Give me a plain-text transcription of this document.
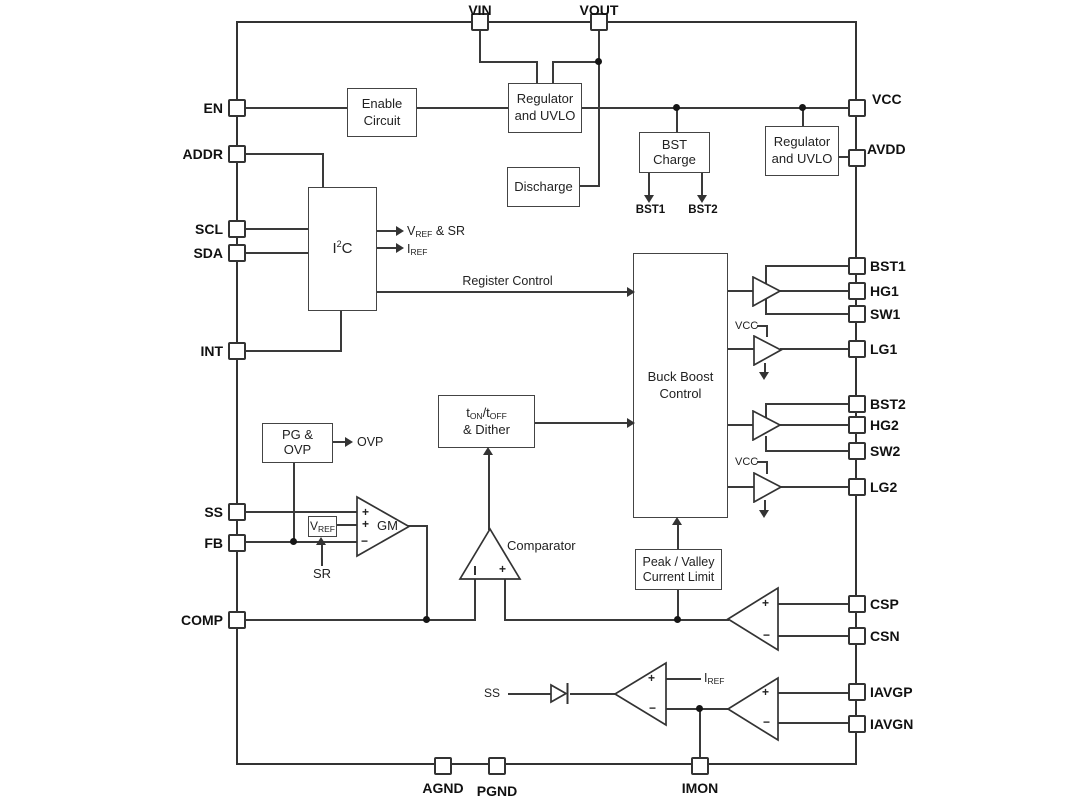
Enable
Circuit
Regulator
and UVLO
Discharge
BST
Charge
Regulator
and UVLO
$I^2C$
Buck Boost
Control
tON/tOFF
& Dither
PG &
OVP
VREF
Peak / Valley
Current Limit
+
+
−
GM
+
+
−
+
−
+
−
VREF & SR
IREF
Register Control
BST1 BST2
VCC
VCC
Comparator
OVP
SR
SS
IREF
VIN	VOUT
EN
ADDR
SCL
SDA
INT
SS
FB
COMP
VCC
AVDD
BST1
HG1
SW1
LG1
BST2
HG2
SW2
LG2
CSP
CSN
IAVGP
IAVGN
AGND PGND	IMON
